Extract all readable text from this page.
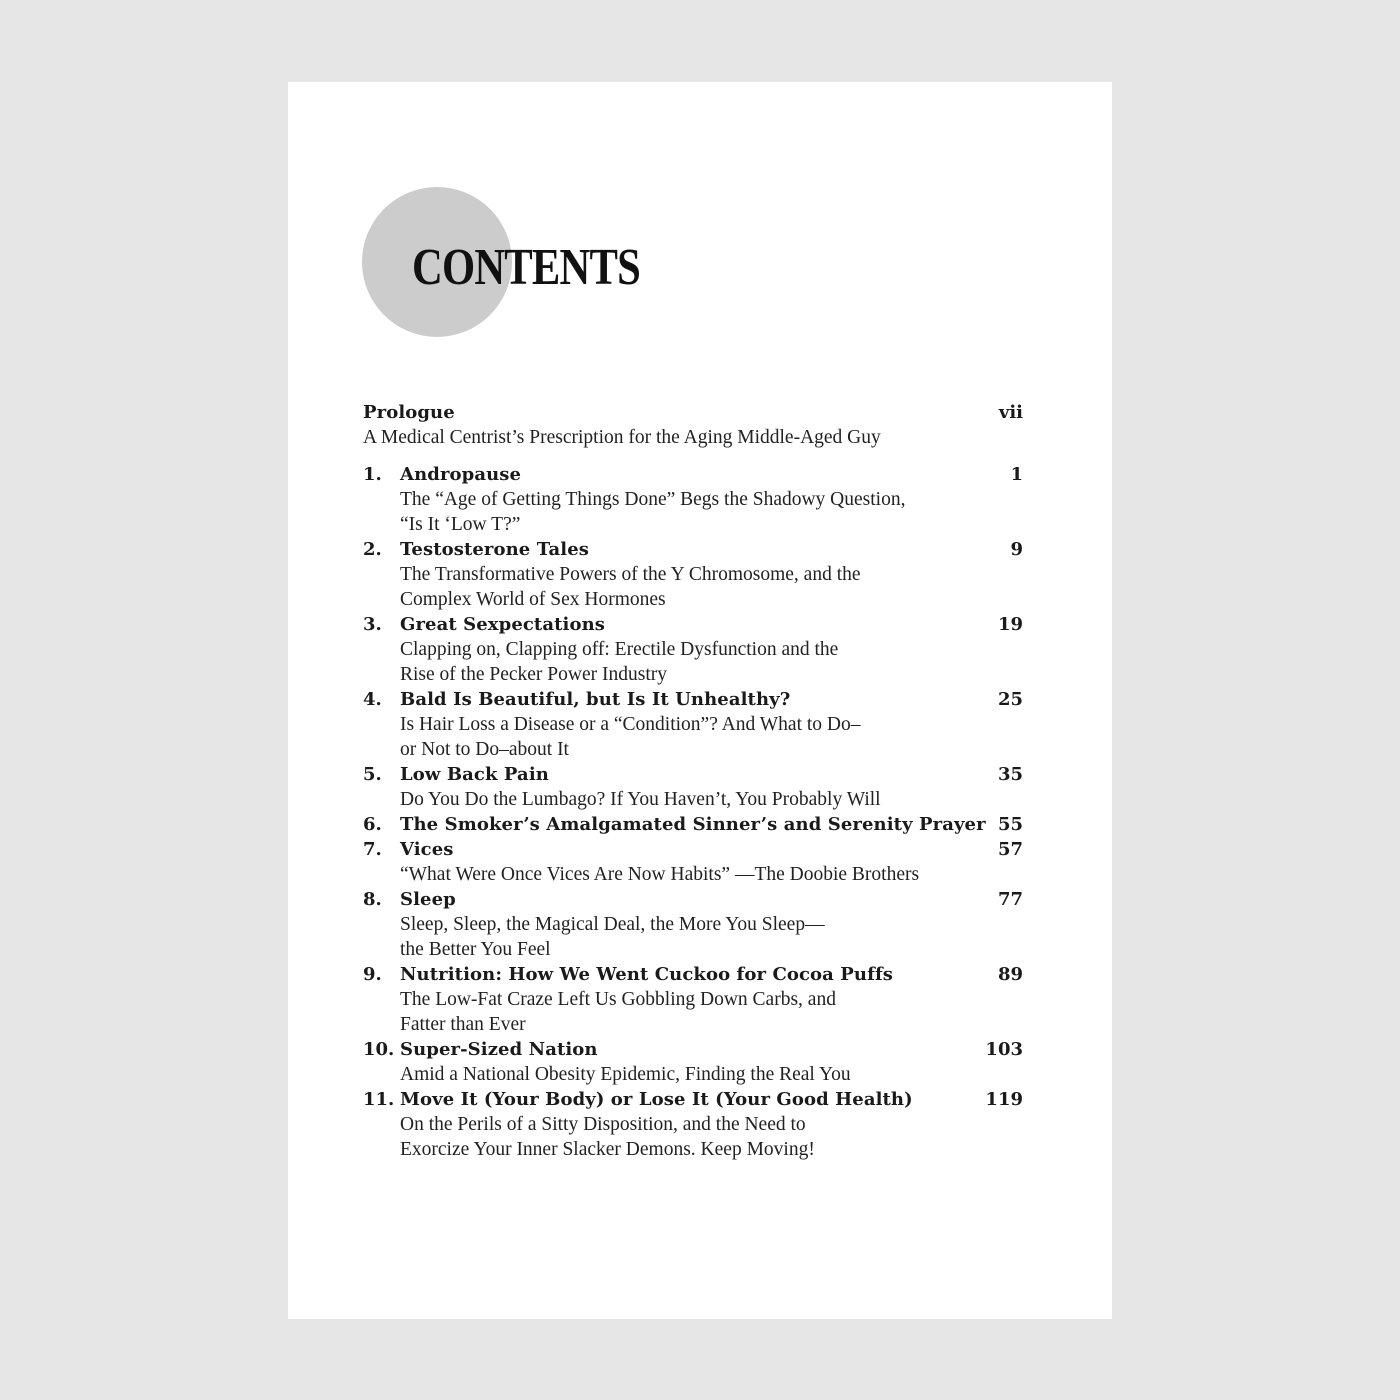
CONTENTS
Prologue	vii
A Medical Centrist’s Prescription for the Aging Middle-Aged Guy
1.	Andropause	1
The “Age of Getting Things Done” Begs the Shadowy Question,
“Is It ‘Low T?”
2.	Testosterone Tales	9
The Transformative Powers of the Y Chromosome, and the
Complex World of Sex Hormones
3.	Great Sexpectations	19
Clapping on, Clapping off: Erectile Dysfunction and the
Rise of the Pecker Power Industry
4.	Bald Is Beautiful, but Is It Unhealthy?	25
Is Hair Loss a Disease or a “Condition”? And What to Do–
or Not to Do–about It
5.	Low Back Pain	35
Do You Do the Lumbago? If You Haven’t, You Probably Will
6.	The Smoker’s Amalgamated Sinner’s and Serenity Prayer 55
7.	Vices	57
“What Were Once Vices Are Now Habits” —The Doobie Brothers
8.	Sleep	77
Sleep, Sleep, the Magical Deal, the More You Sleep—
the Better You Feel
9.	Nutrition: How We Went Cuckoo for Cocoa Puffs	89
The Low-Fat Craze Left Us Gobbling Down Carbs, and
Fatter than Ever
10. Super-Sized Nation	103
Amid a National Obesity Epidemic, Finding the Real You
11. Move It (Your Body) or Lose It (Your Good Health)	119
On the Perils of a Sitty Disposition, and the Need to
Exorcize Your Inner Slacker Demons. Keep Moving!
